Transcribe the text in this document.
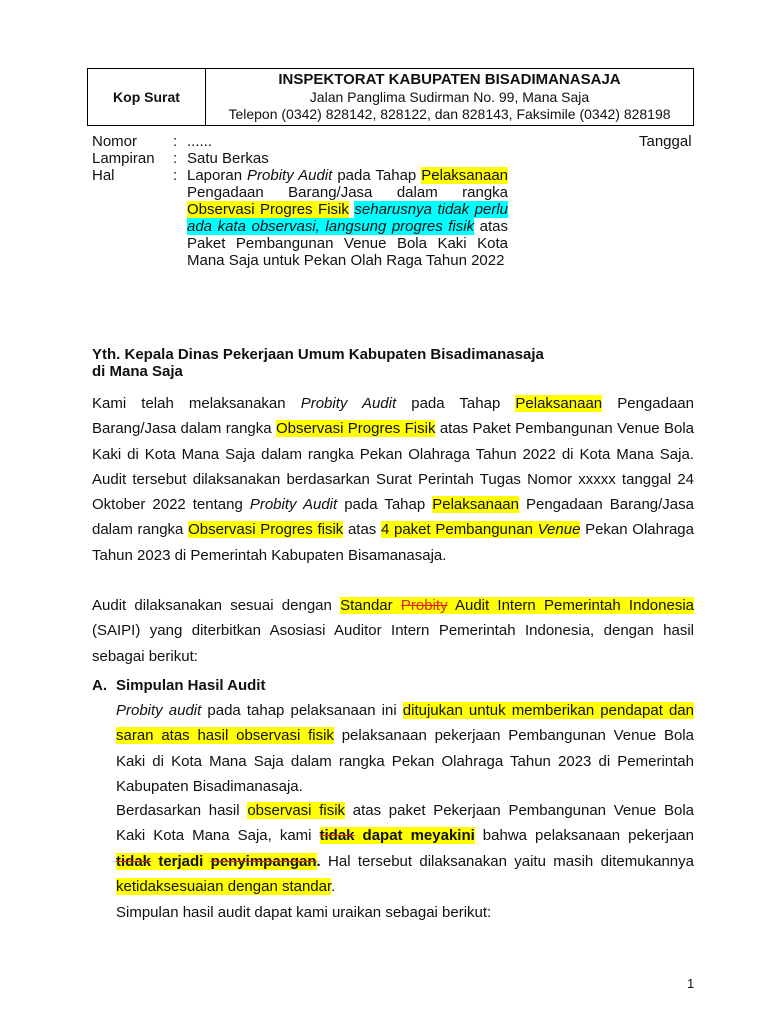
Kop Surat
INSPEKTORAT KABUPATEN BISADIMANASAJA
Jalan Panglima Sudirman No. 99, Mana Saja
Telepon (0342) 828142, 828122, dan 828143, Faksimile (0342) 828198
Nomor	: ......
Lampiran	: Satu Berkas
Hal	: Laporan Probity Audit pada Tahap Pelaksanaan Pengadaan Barang/Jasa dalam rangka Observasi Progres Fisik seharusnya tidak perlu ada kata observasi, langsung progres fisik atas Paket Pembangunan Venue Bola Kaki Kota Mana Saja untuk Pekan Olah Raga Tahun 2022
Tanggal
Yth. Kepala Dinas Pekerjaan Umum Kabupaten Bisadimanasaja
di Mana Saja
Kami telah melaksanakan Probity Audit pada Tahap Pelaksanaan Pengadaan Barang/Jasa dalam rangka Observasi Progres Fisik atas Paket Pembangunan Venue Bola Kaki di Kota Mana Saja dalam rangka Pekan Olahraga Tahun 2022 di Kota Mana Saja. Audit tersebut dilaksanakan berdasarkan Surat Perintah Tugas Nomor xxxxx tanggal 24 Oktober 2022 tentang Probity Audit pada Tahap Pelaksanaan Pengadaan Barang/Jasa dalam rangka Observasi Progres fisik atas 4 paket Pembangunan Venue Pekan Olahraga Tahun 2023 di Pemerintah Kabupaten Bisamanasaja.
Audit dilaksanakan sesuai dengan Standar Probity Audit Intern Pemerintah Indonesia (SAIPI) yang diterbitkan Asosiasi Auditor Intern Pemerintah Indonesia, dengan hasil sebagai berikut:
A. Simpulan Hasil Audit
Probity audit pada tahap pelaksanaan ini ditujukan untuk memberikan pendapat dan saran atas hasil observasi fisik pelaksanaan pekerjaan Pembangunan Venue Bola Kaki di Kota Mana Saja dalam rangka Pekan Olahraga Tahun 2023 di Pemerintah Kabupaten Bisadimanasaja.
Berdasarkan hasil observasi fisik atas paket Pekerjaan Pembangunan Venue Bola Kaki Kota Mana Saja, kami tidak dapat meyakini bahwa pelaksanaan pekerjaan tidak terjadi penyimpangan. Hal tersebut dilaksanakan yaitu masih ditemukannya ketidaksesuaian dengan standar.
Simpulan hasil audit dapat kami uraikan sebagai berikut:
1
